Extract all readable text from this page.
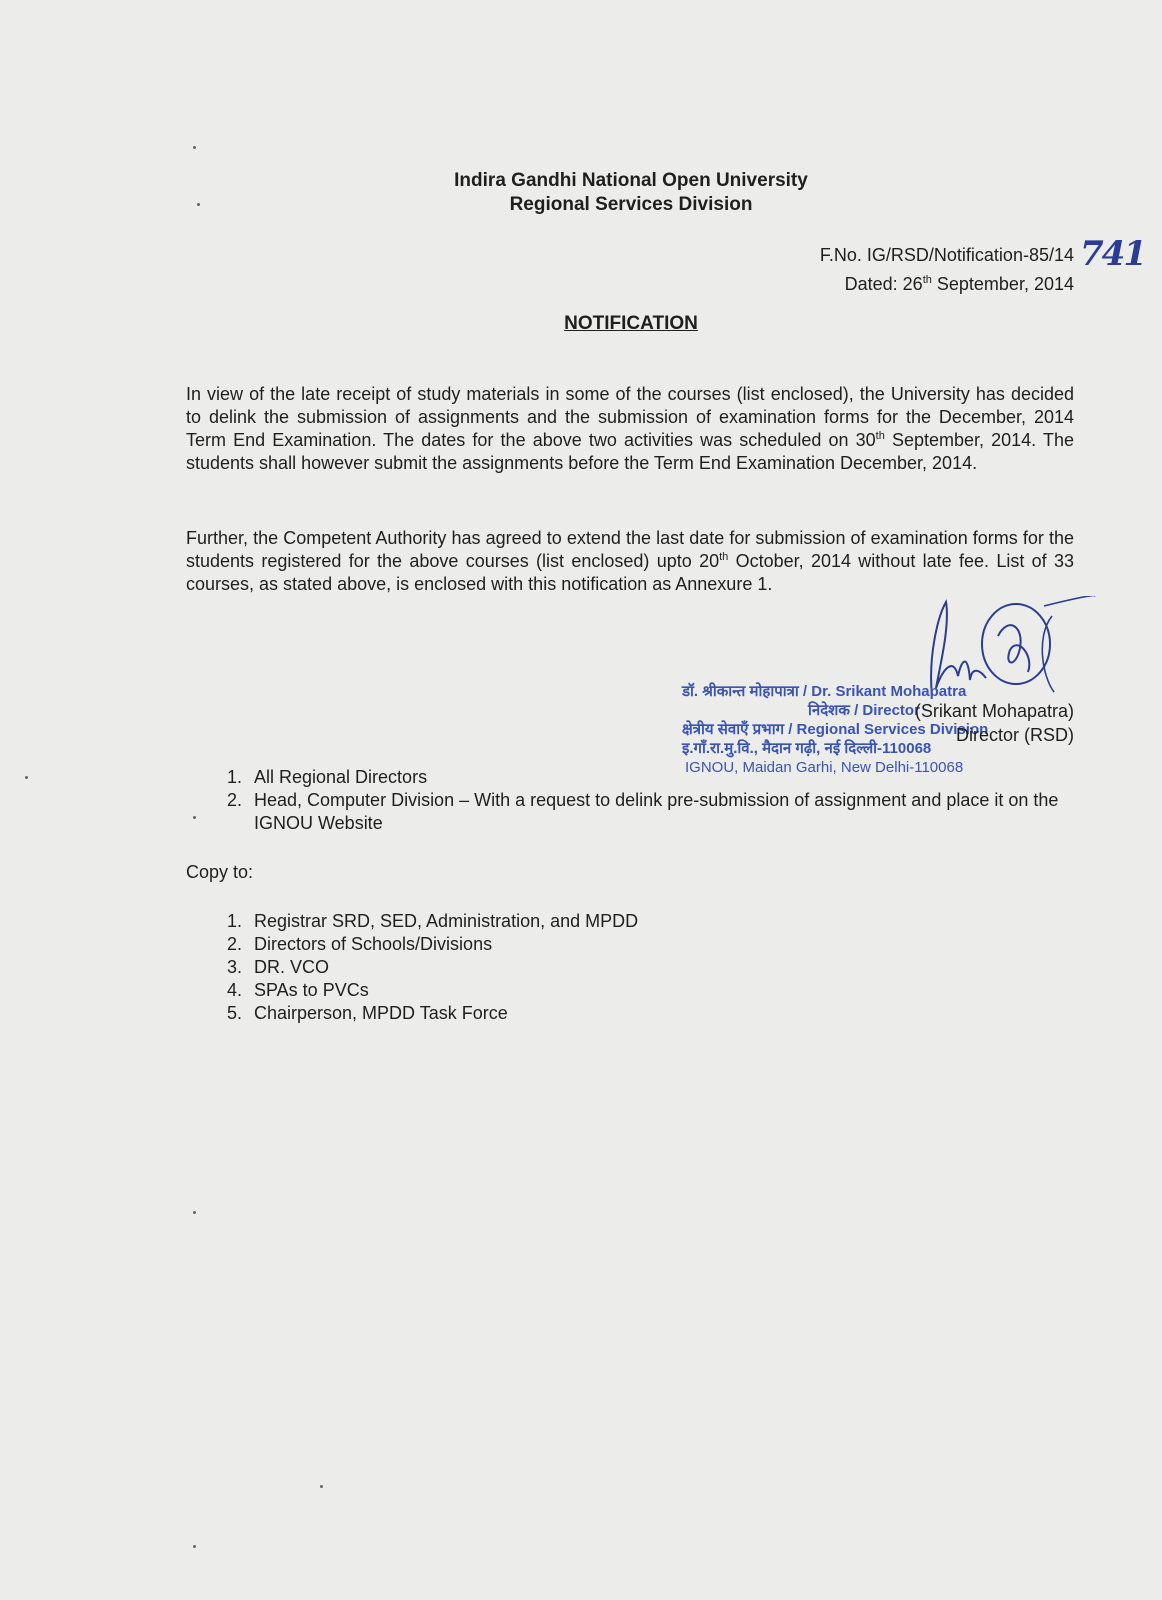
Indira Gandhi National Open University
Regional Services Division
F.No. IG/RSD/Notification-85/14
Dated: 26th September, 2014
741
NOTIFICATION
In view of the late receipt of study materials in some of the courses (list enclosed), the University has decided to delink the submission of assignments and the submission of examination forms for the December, 2014 Term End Examination. The dates for the above two activities was scheduled on 30th September, 2014. The students shall however submit the assignments before the Term End Examination December, 2014.
Further, the Competent Authority has agreed to extend the last date for submission of examination forms for the students registered for the above courses (list enclosed) upto 20th October, 2014 without late fee. List of 33 courses, as stated above, is enclosed with this notification as Annexure 1.
डॉ. श्रीकान्त मोहापात्रा / Dr. Srikant Mohapatra
निदेशक / Director
क्षेत्रीय सेवाएँ प्रभाग / Regional Services Division
इ.गाँ.रा.मु.वि., मैदान गढ़ी, नई दिल्ली-110068
IGNOU, Maidan Garhi, New Delhi-110068
(Srikant Mohapatra)
Director (RSD)
1. All Regional Directors
2. Head, Computer Division – With a request to delink pre-submission of assignment and place it on the IGNOU Website
Copy to:
1. Registrar SRD, SED, Administration, and MPDD
2. Directors of Schools/Divisions
3. DR. VCO
4. SPAs to PVCs
5. Chairperson, MPDD Task Force
